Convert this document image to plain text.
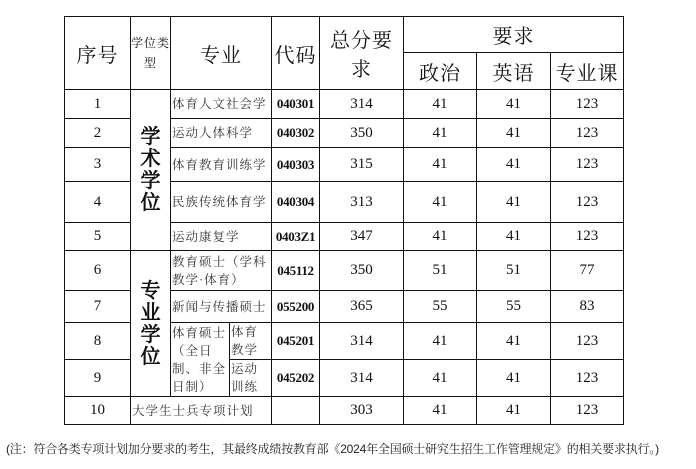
序号	学位类型	专业		代码	总分要求	要求		
						政治	英语	专业课
1	学术学位	体育人文社会学		040301	314	41	41	123
2		运动人体科学		040302	350	41	41	123
3		体育教育训练学		040303	315	41	41	123
4		民族传统体育学		040304	313	41	41	123
5		运动康复学		0403Z1	347	41	41	123
6	专业学位	教育硕士（学科教学·体育）		045112	350	51	51	77
7		新闻与传播硕士		055200	365	55	55	83
8		体育硕士（全日制、非全日制）	体育教学	045201	314	41	41	123
9			运动训练	045202	314	41	41	123
10	大学生士兵专项计划				303	41	41	123
(注：符合各类专项计划加分要求的考生，其最终成绩按教育部《2024年全国硕士研究生招生工作管理规定》的相关要求执行。)
